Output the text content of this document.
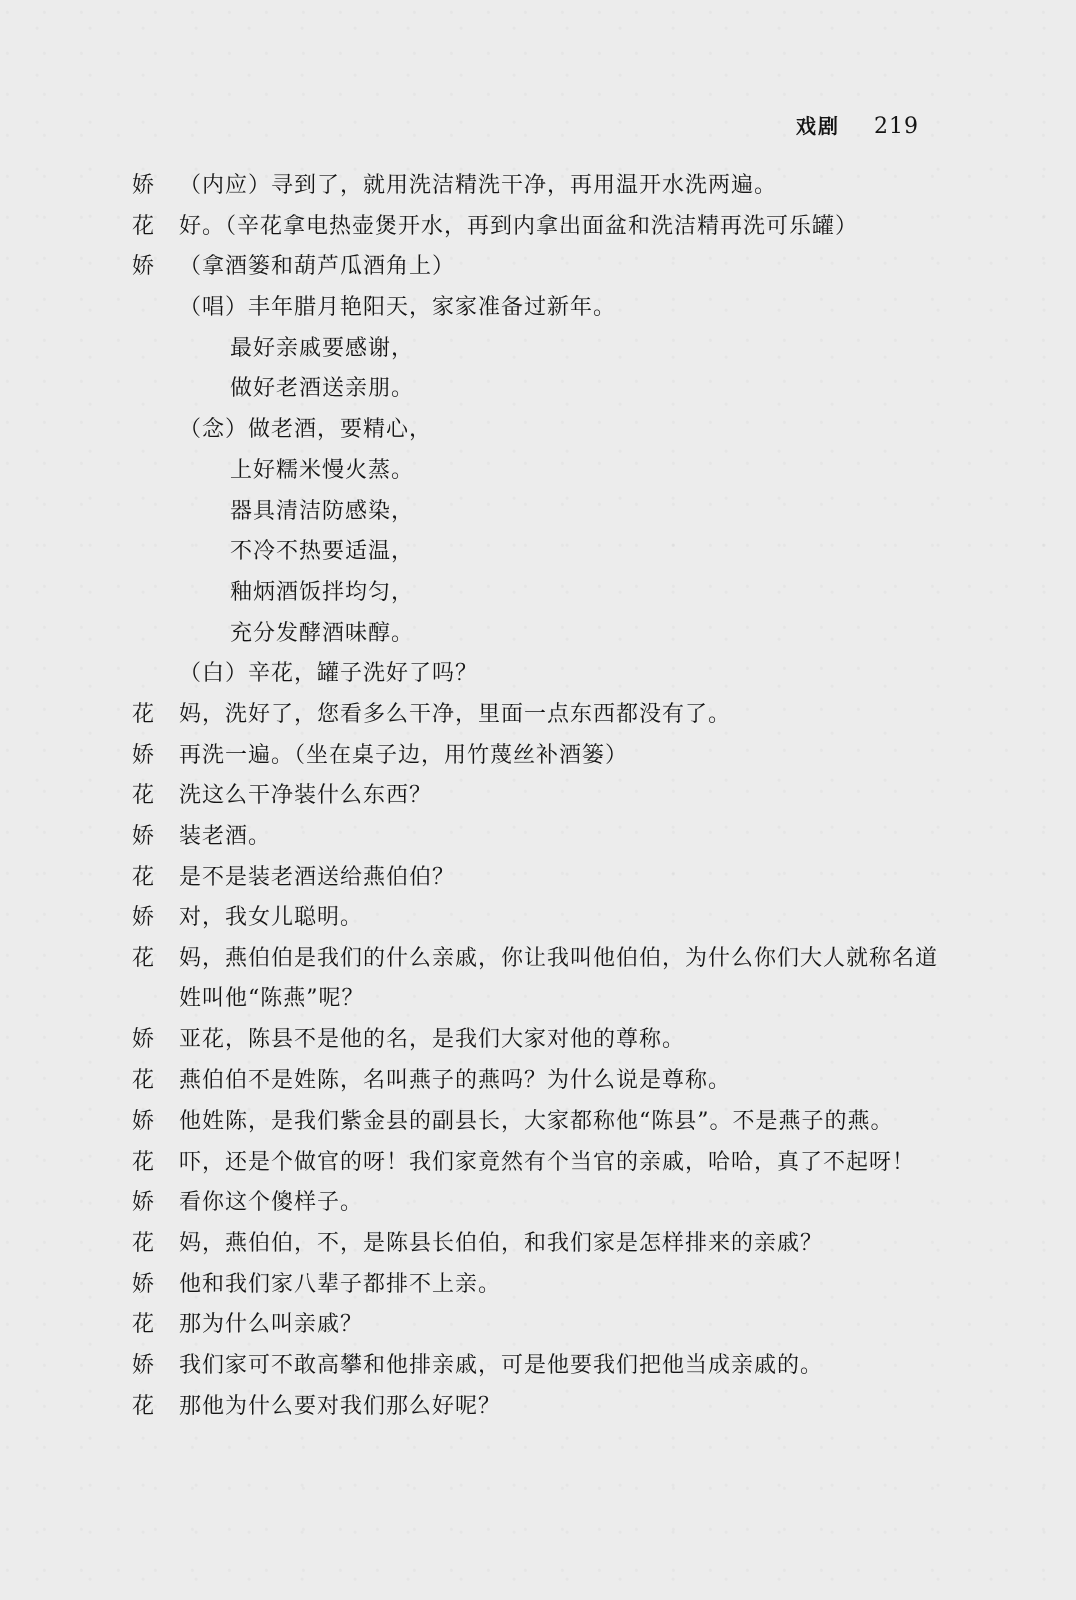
戏剧 219
娇	（内应）寻到了，就用洗洁精洗干净，再用温开水洗两遍。
花	好。（辛花拿电热壶煲开水，再到内拿出面盆和洗洁精再洗可乐罐）
娇	（拿酒篓和葫芦瓜酒角上）
（唱）丰年腊月艳阳天，家家准备过新年。
最好亲戚要感谢，
做好老酒送亲朋。
（念）做老酒，要精心，
上好糯米慢火蒸。
器具清洁防感染，
不冷不热要适温，
釉炳酒饭拌均匀，
充分发酵酒味醇。
（白）辛花，罐子洗好了吗？
花	妈，洗好了，您看多么干净，里面一点东西都没有了。
娇	再洗一遍。（坐在桌子边，用竹蔑丝补酒篓）
花	洗这么干净装什么东西？
娇	装老酒。
花	是不是装老酒送给燕伯伯？
娇	对，我女儿聪明。
花	妈，燕伯伯是我们的什么亲戚，你让我叫他伯伯，为什么你们大人就称名道姓叫他“陈燕”呢？
娇	亚花，陈县不是他的名，是我们大家对他的尊称。
花	燕伯伯不是姓陈，名叫燕子的燕吗？为什么说是尊称。
娇	他姓陈，是我们紫金县的副县长，大家都称他“陈县”。不是燕子的燕。
花	吓，还是个做官的呀！我们家竟然有个当官的亲戚，哈哈，真了不起呀！
娇	看你这个傻样子。
花	妈，燕伯伯，不，是陈县长伯伯，和我们家是怎样排来的亲戚？
娇	他和我们家八辈子都排不上亲。
花	那为什么叫亲戚？
娇	我们家可不敢高攀和他排亲戚，可是他要我们把他当成亲戚的。
花	那他为什么要对我们那么好呢？
